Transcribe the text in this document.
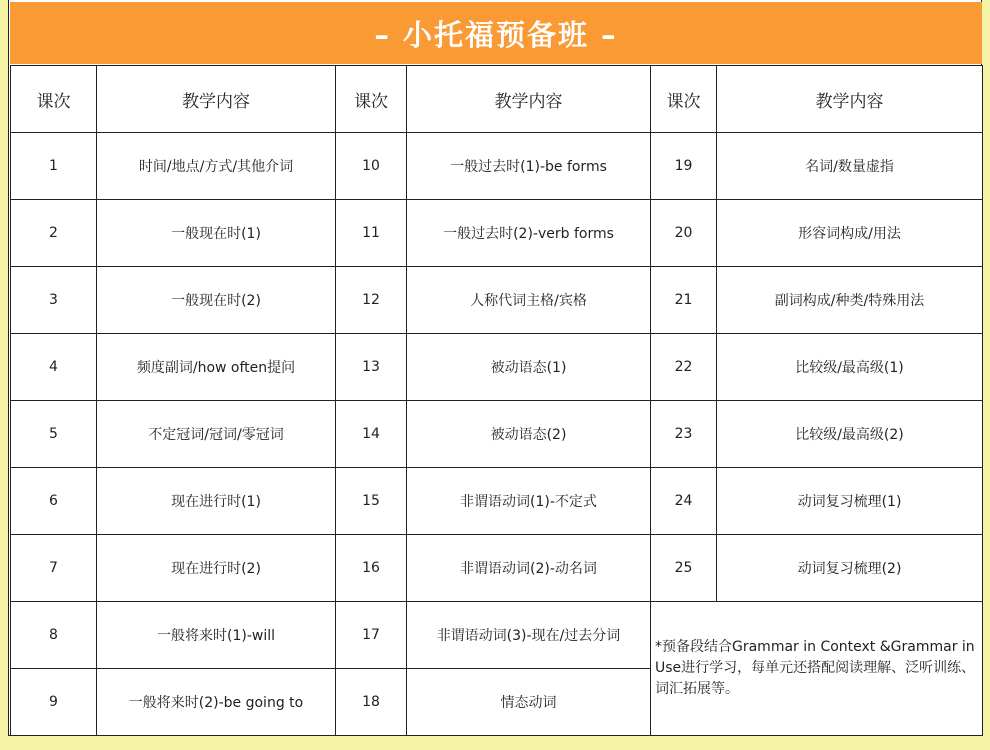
– 小托福预备班 –
课次	教学内容	课次	教学内容	课次	教学内容
1	时间/地点/方式/其他介词	10	一般过去时(1)-be forms	19	名词/数量虚指
2	一般现在时(1)	11	一般过去时(2)-verb forms	20	形容词构成/用法
3	一般现在时(2)	12	人称代词主格/宾格	21	副词构成/种类/特殊用法
4	频度副词/how often提问	13	被动语态(1)	22	比较级/最高级(1)
5	不定冠词/冠词/零冠词	14	被动语态(2)	23	比较级/最高级(2)
6	现在进行时(1)	15	非谓语动词(1)-不定式	24	动词复习梳理(1)
7	现在进行时(2)	16	非谓语动词(2)-动名词	25	动词复习梳理(2)
8	一般将来时(1)-will	17	非谓语动词(3)-现在/过去分词	*预备段结合Grammar in Context &Grammar in Use进行学习，每单元还搭配阅读理解、泛听训练、词汇拓展等。	
9	一般将来时(2)-be going to	18	情态动词		
